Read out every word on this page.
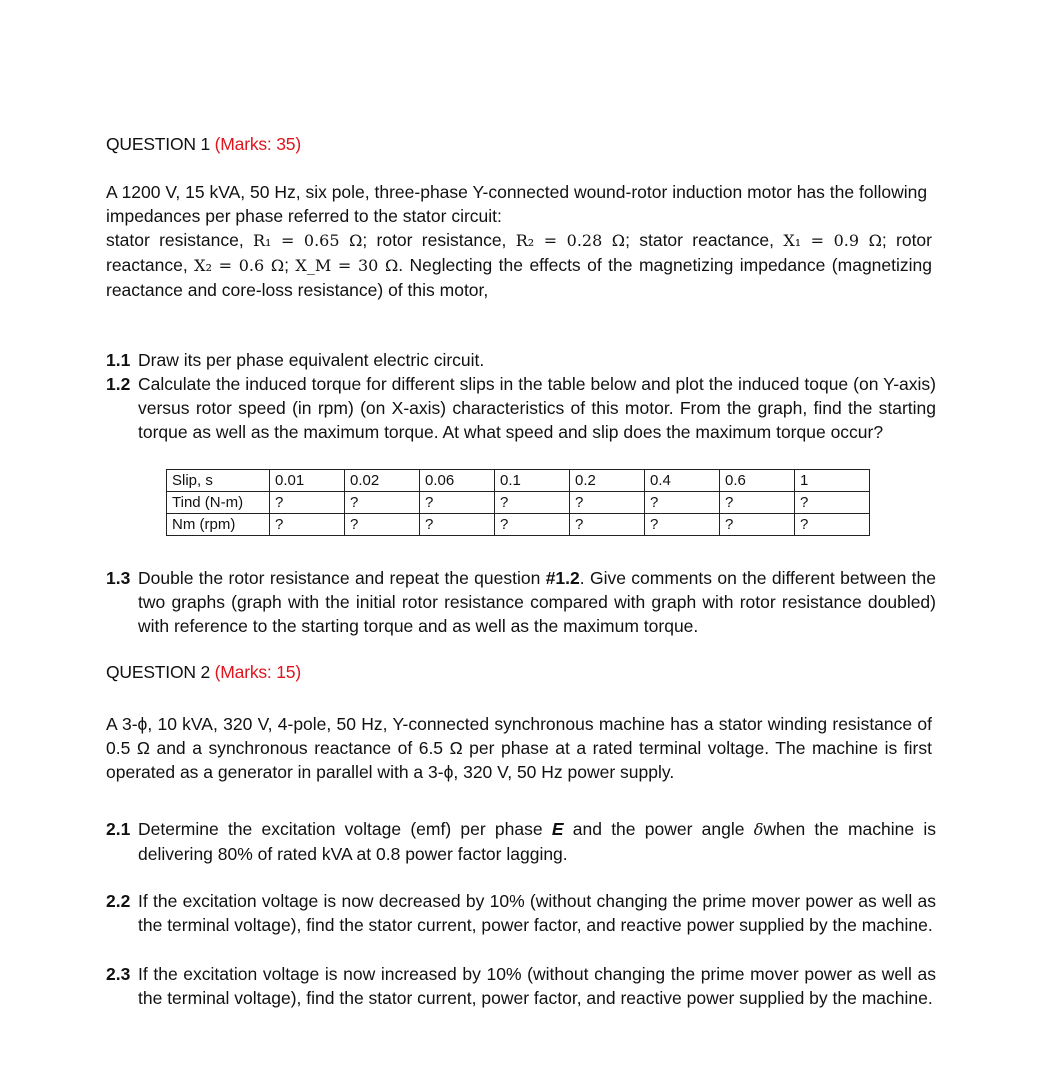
QUESTION 1 (Marks: 35)
A 1200 V, 15 kVA, 50 Hz, six pole, three-phase Y-connected wound-rotor induction motor has the following
impedances per phase referred to the stator circuit:
stator resistance, R₁ = 0.65 Ω; rotor resistance, R₂ = 0.28 Ω; stator reactance, X₁ = 0.9 Ω; rotor
reactance, X₂ = 0.6 Ω; X_M = 30 Ω. Neglecting the effects of the magnetizing impedance (magnetizing
reactance and core-loss resistance) of this motor,
1.1 Draw its per phase equivalent electric circuit.
1.2 Calculate the induced torque for different slips in the table below and plot the induced toque (on Y-axis) versus rotor speed (in rpm) (on X-axis) characteristics of this motor. From the graph, find the starting torque as well as the maximum torque. At what speed and slip does the maximum torque occur?
Slip, s	0.01	0.02	0.06	0.1	0.2	0.4	0.6	1
Tind (N-m)	?	?	?	?	?	?	?	?
Nm (rpm)	?	?	?	?	?	?	?	?
1.3 Double the rotor resistance and repeat the question #1.2. Give comments on the different between the two graphs (graph with the initial rotor resistance compared with graph with rotor resistance doubled) with reference to the starting torque and as well as the maximum torque.
QUESTION 2 (Marks: 15)
A 3-ϕ, 10 kVA, 320 V, 4-pole, 50 Hz, Y-connected synchronous machine has a stator winding resistance of 0.5 Ω and a synchronous reactance of 6.5 Ω per phase at a rated terminal voltage. The machine is first operated as a generator in parallel with a 3-ϕ, 320 V, 50 Hz power supply.
2.1 Determine the excitation voltage (emf) per phase E and the power angle δwhen the machine is delivering 80% of rated kVA at 0.8 power factor lagging.
2.2 If the excitation voltage is now decreased by 10% (without changing the prime mover power as well as the terminal voltage), find the stator current, power factor, and reactive power supplied by the machine.
2.3 If the excitation voltage is now increased by 10% (without changing the prime mover power as well as the terminal voltage), find the stator current, power factor, and reactive power supplied by the machine.
